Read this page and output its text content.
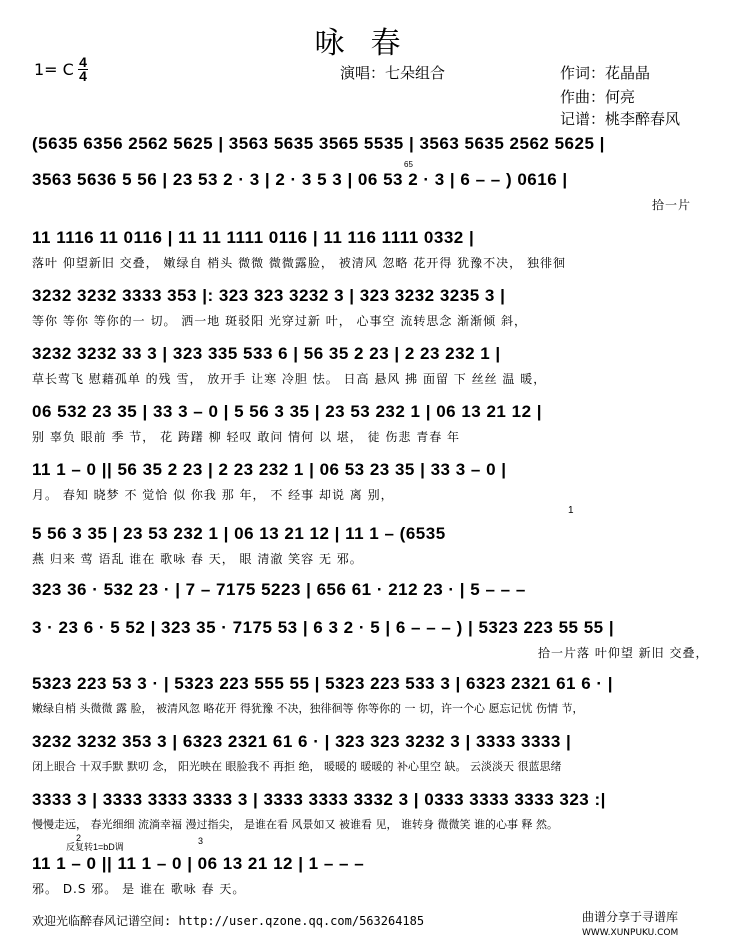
咏春
1= C 4
4	演唱：七朵组合	作词：花晶晶
作曲：何亮
记谱：桃李醉春风
(5635 6356 2562 5625 | 3563 5635 3565 5535 | 3563 5635 2562 5625 |
3563 5636 5 56 | 23 53 2 · 3 | 2 · 3 5 3 | 06 53 2 · 3 | 6 – – ) 0616 |
拾一片
11 1116 11 0116 | 11 11 1111 0116 | 11 116 1111 0332 |
落叶 仰望新旧 交叠， 嫩绿自 梢头 微微 微微露脸， 被清风 忽略 花开得 犹豫不决， 独徘徊
3232 3232 3333 353 |: 323 323 3232 3 | 323 3232 3235 3 |
等你 等你 等你的一 切。 洒一地 斑驳阳 光穿过新 叶， 心事空 流转思念 渐渐倾 斜，
3232 3232 33 3 | 323 335 533 6 | 56 35 2 23 | 2 23 232 1 |
草长莺飞 慰藉孤单 的残 雪， 放开手 让寒 冷胆 怯。 日高 悬风 拂 面留 下 丝丝 温 暖，
06 532 23 35 | 33 3 – 0 | 5 56 3 35 | 23 53 232 1 | 06 13 21 12 |
别 辜负 眼前 季 节， 花 踌躇 柳 轻叹 敢问 情何 以 堪， 徒 伤悲 青春 年
11 1 – 0 || 56 35 2 23 | 2 23 232 1 | 06 53 23 35 | 33 3 – 0 |
月。 春知 晓梦 不 觉恰 似 你我 那 年， 不 经事 却说 离 别，
1
5 56 3 35 | 23 53 232 1 | 06 13 21 12 | 11 1 – (6535
燕 归来 莺 语乱 谁在 歌咏 春 天， 眼 清澈 笑容 无 邪。
323 36 · 532 23 · | 7 – 7175 5223 | 656 61 · 212 23 · | 5 – – –
3 · 23 6 · 5 52 | 323 35 · 7175 53 | 6 3 2 · 5 | 6 – – – ) | 5323 223 55 55 |
拾一片落 叶仰望 新旧 交叠，
5323 223 53 3 · | 5323 223 555 55 | 5323 223 533 3 | 6323 2321 61 6 · |
嫩绿自梢 头微微 露 脸， 被清风忽 略花开 得犹豫 不决，独徘徊等 你等你的 一 切，许一个心 愿忘记忧 伤情 节，
3232 3232 353 3 | 6323 2321 61 6 · | 323 323 3232 3 | 3333 3333 |
闭上眼合 十双手默 默叨 念， 阳光映在 眼脸我不 再拒 绝， 暖暖的 暖暖的 补心里空 缺。 云淡淡天 很蓝思绪
3333 3 | 3333 3333 3333 3 | 3333 3333 3332 3 | 0333 3333 3333 323 :|
慢慢走远， 春光细细 流淌幸福 漫过指尖， 是谁在看 风景如又 被谁看 见， 谁转身 微微笑 谁的心事 释 然。
反复转1=bD调
2	3
65
11 1 – 0 || 11 1 – 0 | 06 13 21 12 | 1 – – –
邪。 D.S 邪。 是 谁在 歌咏 春 天。
欢迎光临醉春风记谱空间: http://user.qzone.qq.com/563264185	曲谱分享于寻谱库
WWW.XUNPUKU.COM
